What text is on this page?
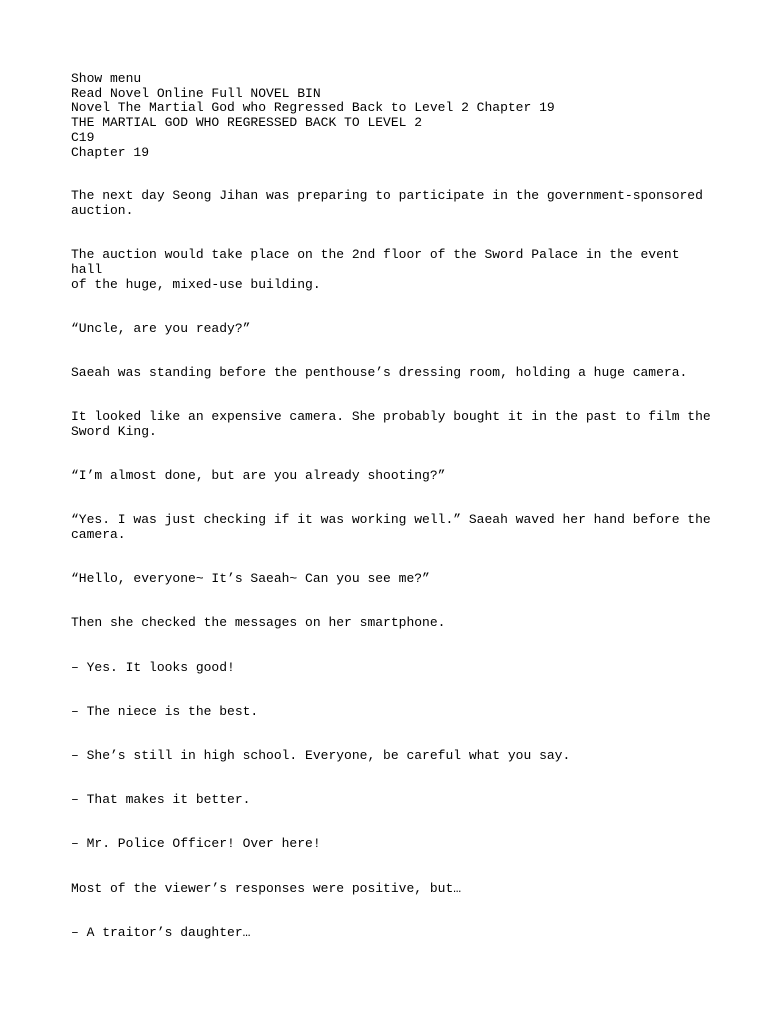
Show menu
Read Novel Online Full NOVEL BIN
Novel The Martial God who Regressed Back to Level 2 Chapter 19
THE MARTIAL GOD WHO REGRESSED BACK TO LEVEL 2
C19
Chapter 19

The next day Seong Jihan was preparing to participate in the government-sponsored
auction.

The auction would take place on the 2nd floor of the Sword Palace in the event hall
of the huge, mixed-use building.

“Uncle, are you ready?”

Saeah was standing before the penthouse’s dressing room, holding a huge camera.

It looked like an expensive camera. She probably bought it in the past to film the
Sword King.

“I’m almost done, but are you already shooting?”

“Yes. I was just checking if it was working well.” Saeah waved her hand before the
camera.

“Hello, everyone~ It’s Saeah~ Can you see me?”

Then she checked the messages on her smartphone.

– Yes. It looks good!

– The niece is the best.

– She’s still in high school. Everyone, be careful what you say.

– That makes it better.

– Mr. Police Officer! Over here!

Most of the viewer’s responses were positive, but…

– A traitor’s daughter…
